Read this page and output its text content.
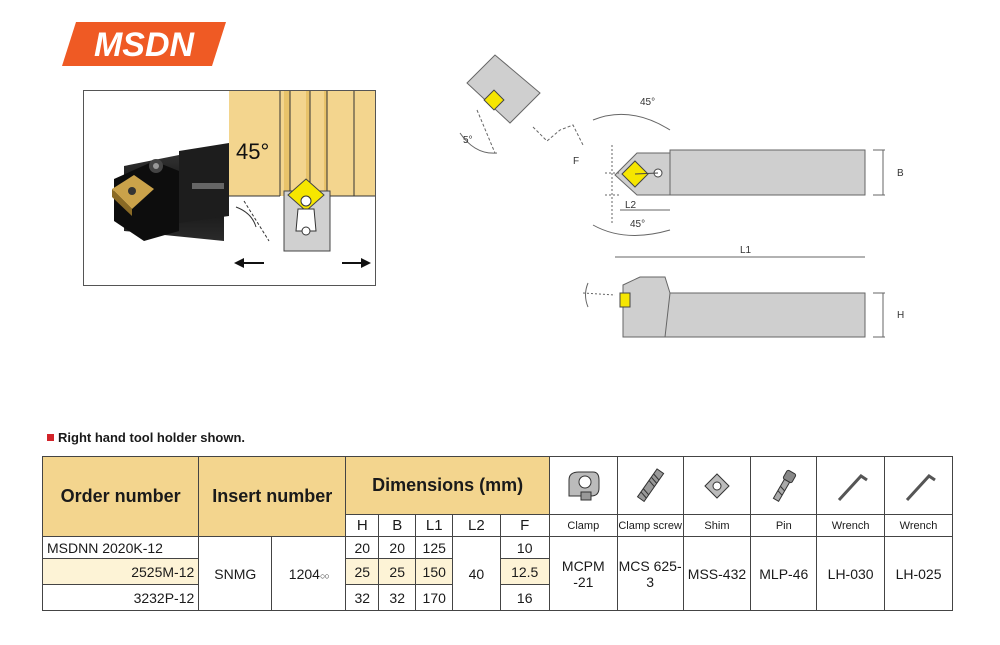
MSDN
45°	5°
45°
45°
F
L2
B
L1
H
Right hand tool holder shown.
Order number	Insert number		Dimensions (mm)	

			H	B	L1	L2	F	Clamp	Clamp screw	Shim	Pin	Wrench	Wrench
MSDNN 2020K-12	SNMG	1204○○	20	20	125	40	10	MCPM -21	MCS 625-3	MSS-432	MLP-46	LH-030	LH-025
2525M-12			25	25	150		12.5						
3232P-12			32	32	170		16						
